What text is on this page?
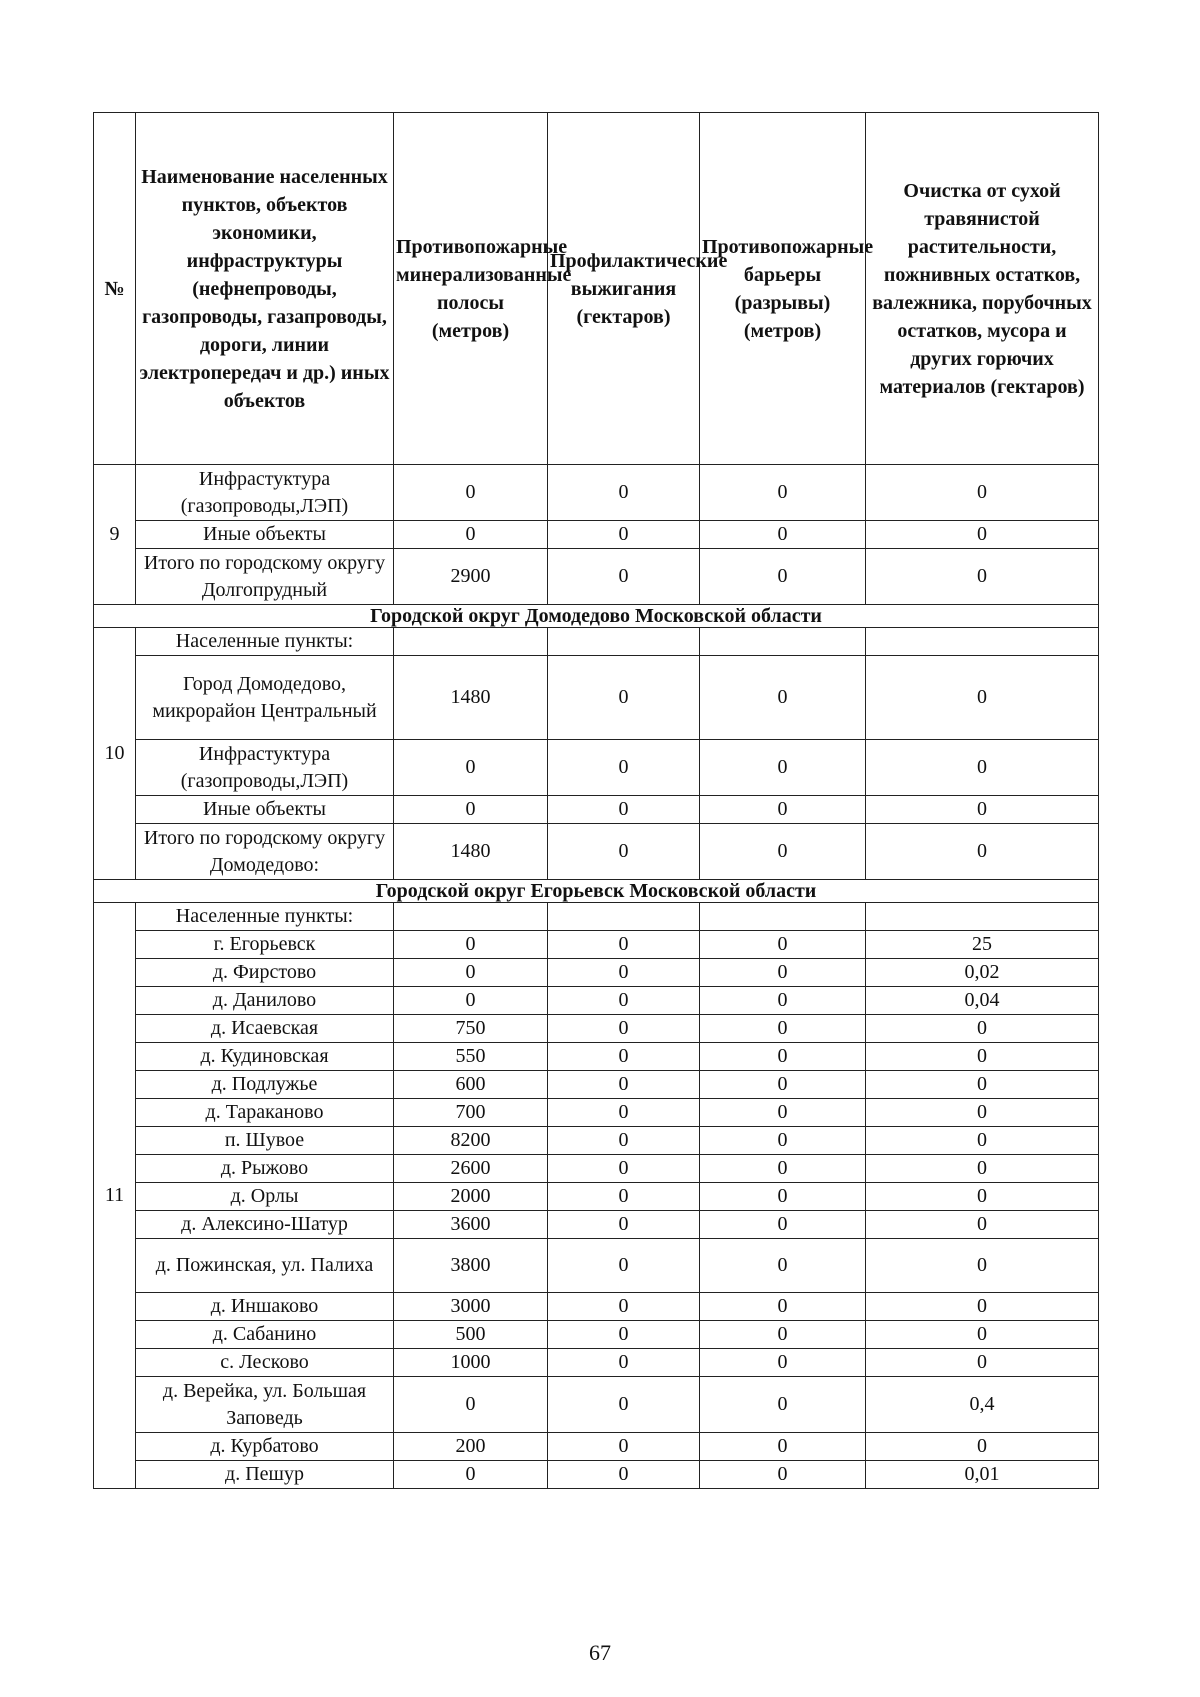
№	Наименование населенных пунктов, объектов экономики, инфраструктуры (нефнепроводы, газопроводы, газапроводы, дороги, линии электропередач и др.) иных объектов	Противопожарные минерализованные полосы (метров)	Профилактические выжигания (гектаров)	Противопожарные барьеры (разрывы) (метров)	Очистка от сухой травянистой растительности, пожнивных остатков, валежника, порубочных остатков, мусора и других горючих материалов (гектаров)
9	Инфрастуктура (газопроводы,ЛЭП)	0	0	0	0
	Иные объекты	0	0	0	0
	Итого по городскому округу Долгопрудный	2900	0	0	0
Городской округ Домодедово Московской области					
10	Населенные пункты:				
	Город Домодедово, микрорайон Центральный	1480	0	0	0
	Инфрастуктура (газопроводы,ЛЭП)	0	0	0	0
	Иные объекты	0	0	0	0
	Итого по городскому округу Домодедово:	1480	0	0	0
Городской округ Егорьевск Московской области					
11	Населенные пункты:				
	г. Егорьевск	0	0	0	25
	д. Фирстово	0	0	0	0,02
	д. Данилово	0	0	0	0,04
	д. Исаевская	750	0	0	0
	д. Кудиновская	550	0	0	0
	д. Подлужье	600	0	0	0
	д. Тараканово	700	0	0	0
	п. Шувое	8200	0	0	0
	д. Рыжово	2600	0	0	0
	д. Орлы	2000	0	0	0
	д. Алексино-Шатур	3600	0	0	0
	д. Пожинская, ул. Палиха	3800	0	0	0
	д. Иншаково	3000	0	0	0
	д. Сабанино	500	0	0	0
	с. Лесково	1000	0	0	0
	д. Верейка, ул. Большая Заповедь	0	0	0	0,4
	д. Курбатово	200	0	0	0
	д. Пешур	0	0	0	0,01
67
